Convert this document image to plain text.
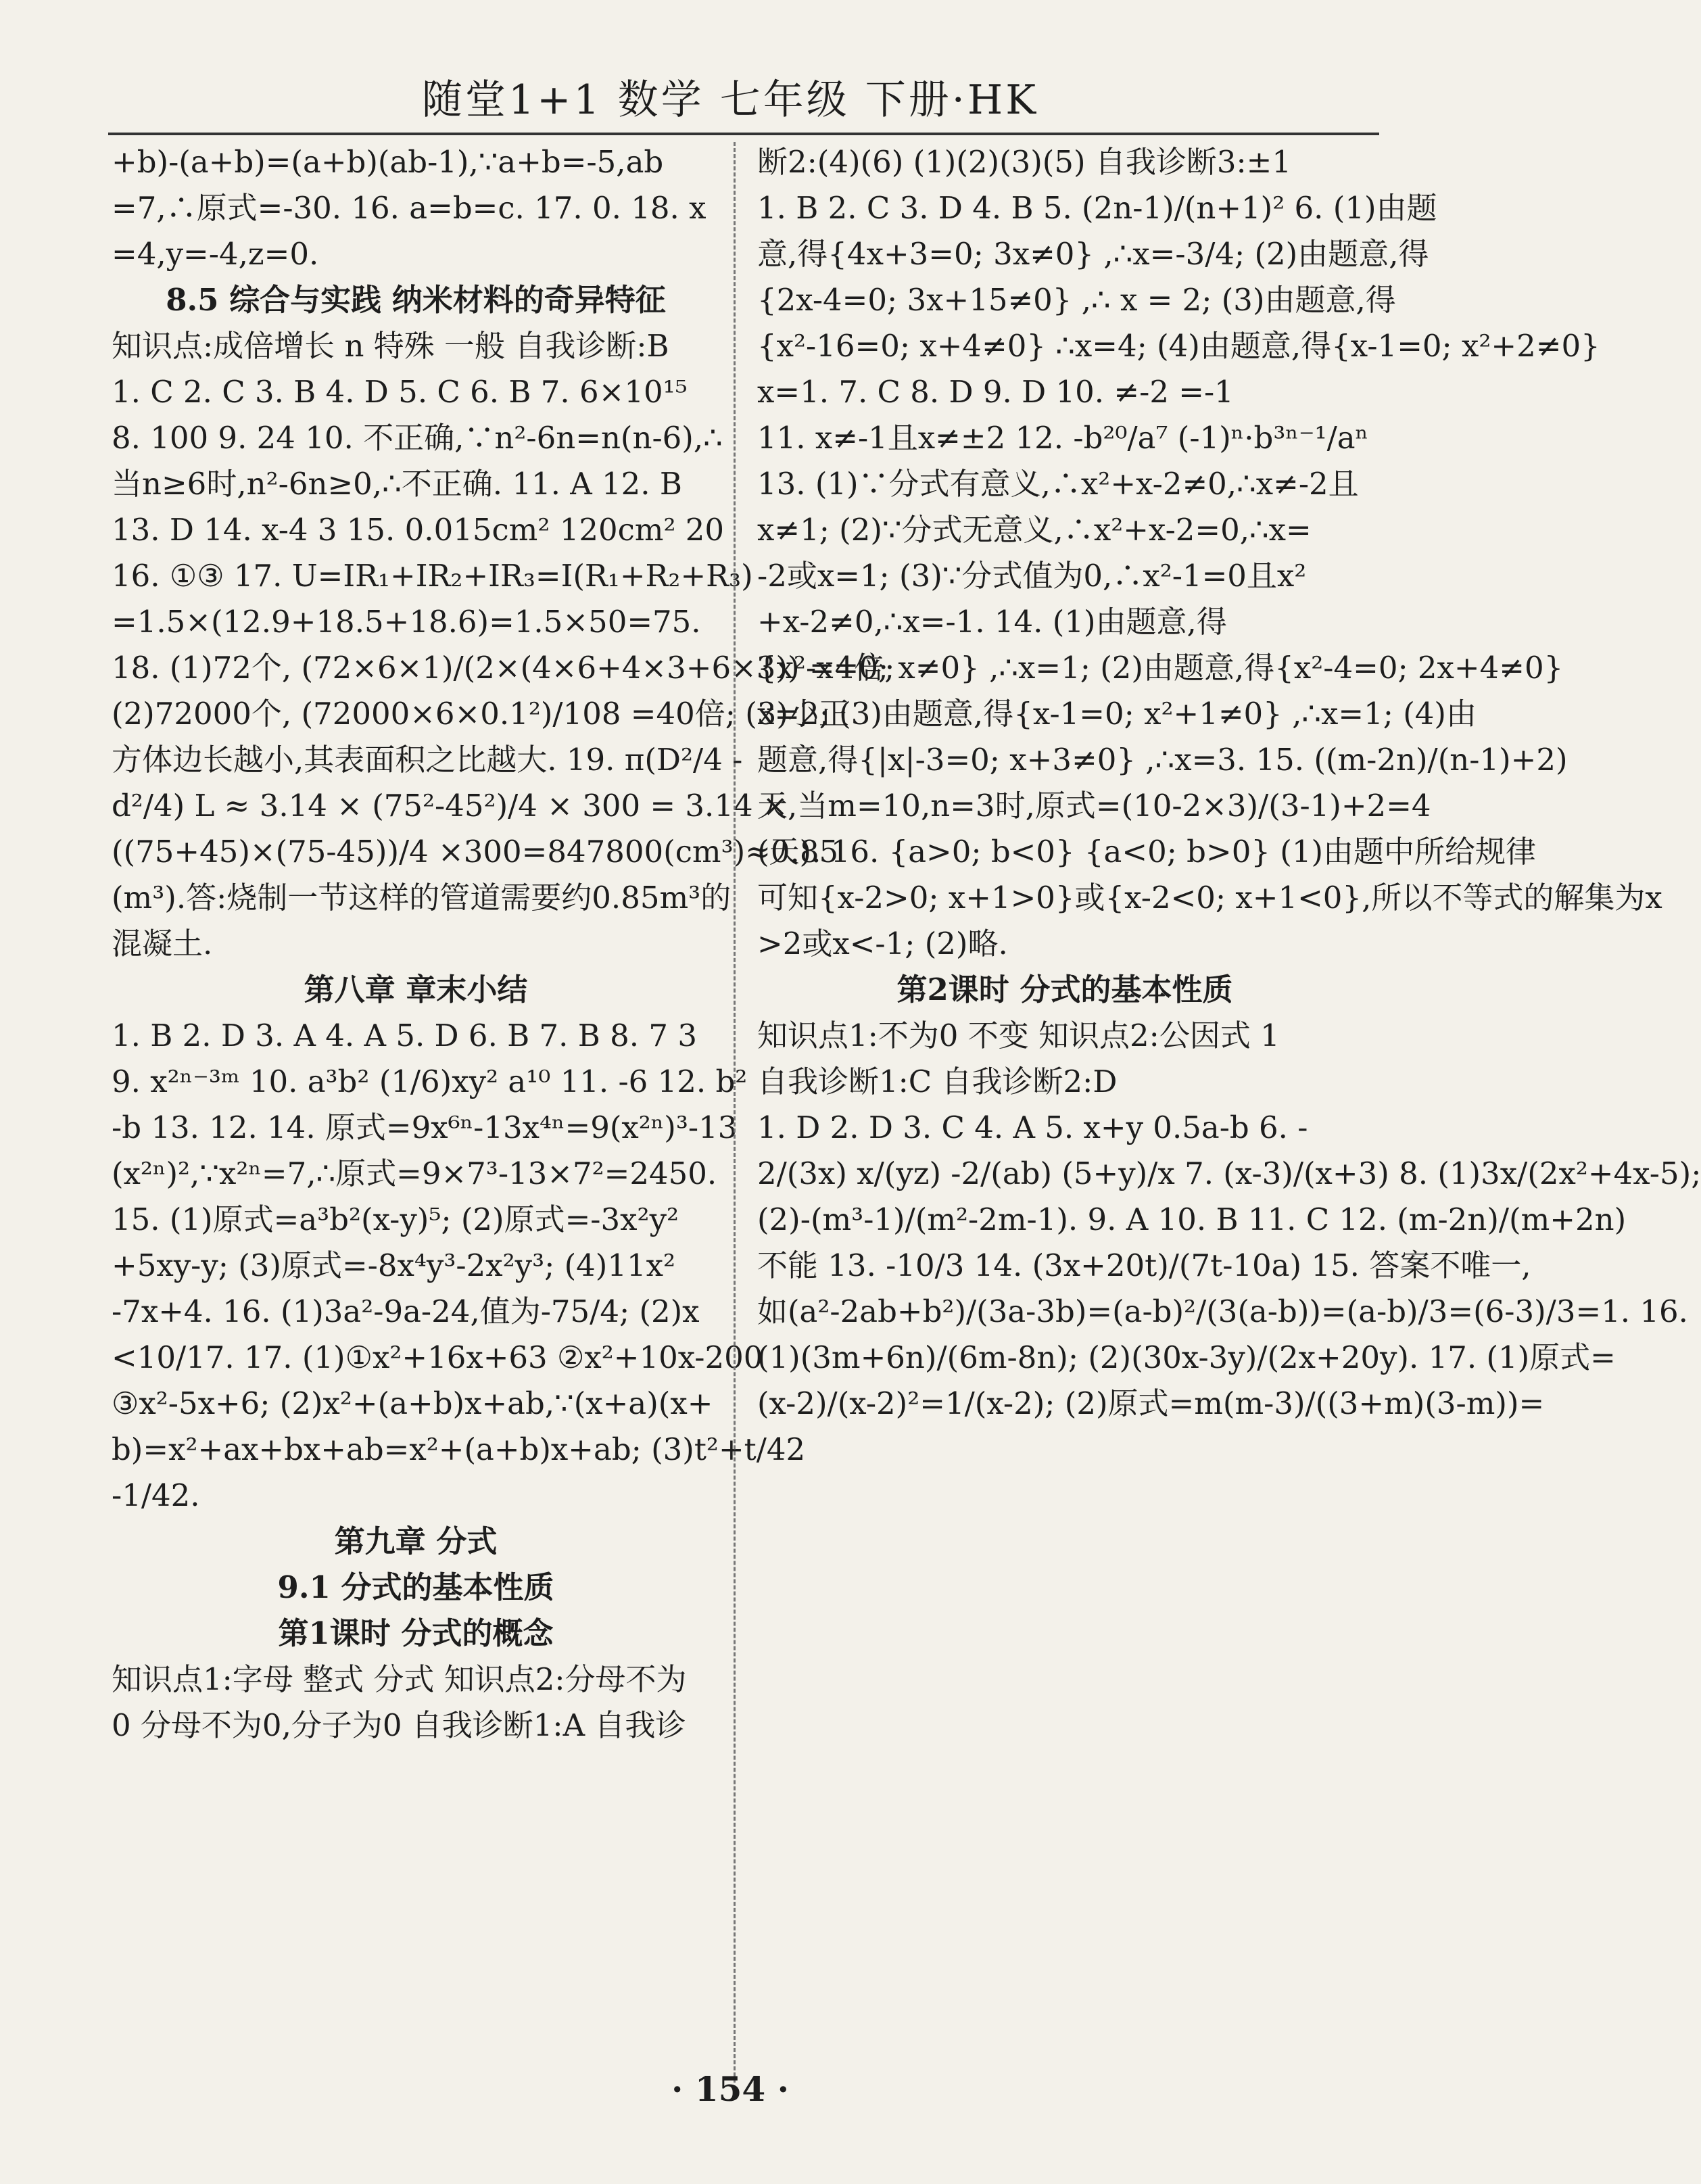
随堂1+1 数学 七年级 下册·HK
+b)-(a+b)=(a+b)(ab-1),∵a+b=-5,ab
=7,∴原式=-30. 16. a=b=c. 17. 0. 18. x
=4,y=-4,z=0.
8.5 综合与实践 纳米材料的奇异特征
知识点:成倍增长 n 特殊 一般 自我诊断:B
1. C 2. C 3. B 4. D 5. C 6. B 7. 6×10¹⁵
8. 100 9. 24 10. 不正确,∵n²-6n=n(n-6),∴
当n≥6时,n²-6n≥0,∴不正确. 11. A 12. B
13. D 14. x-4 3 15. 0.015cm² 120cm² 20
16. ①③ 17. U=IR₁+IR₂+IR₃=I(R₁+R₂+R₃)
=1.5×(12.9+18.5+18.6)=1.5×50=75.
18. (1)72个, (72×6×1)/(2×(4×6+4×3+6×3)) =4倍;
(2)72000个, (72000×6×0.1²)/108 =40倍; (3)小正
方体边长越小,其表面积之比越大. 19. π(D²/4 -
d²/4) L ≈ 3.14 × (75²-45²)/4 × 300 = 3.14 ×
((75+45)×(75-45))/4 ×300=847800(cm³)≈0.85
(m³).答:烧制一节这样的管道需要约0.85m³的
混凝土.
第八章 章末小结
1. B 2. D 3. A 4. A 5. D 6. B 7. B 8. 7 3
9. x²ⁿ⁻³ᵐ 10. a³b² (1/6)xy² a¹⁰ 11. -6 12. b²
-b 13. 12. 14. 原式=9x⁶ⁿ-13x⁴ⁿ=9(x²ⁿ)³-13
(x²ⁿ)²,∵x²ⁿ=7,∴原式=9×7³-13×7²=2450.
15. (1)原式=a³b²(x-y)⁵; (2)原式=-3x²y²
+5xy-y; (3)原式=-8x⁴y³-2x²y³; (4)11x²
-7x+4. 16. (1)3a²-9a-24,值为-75/4; (2)x
<10/17. 17. (1)①x²+16x+63 ②x²+10x-200
③x²-5x+6; (2)x²+(a+b)x+ab,∵(x+a)(x+
b)=x²+ax+bx+ab=x²+(a+b)x+ab; (3)t²+t/42
-1/42.
第九章 分式
9.1 分式的基本性质
第1课时 分式的概念
知识点1:字母 整式 分式 知识点2:分母不为
0 分母不为0,分子为0 自我诊断1:A 自我诊
断2:(4)(6) (1)(2)(3)(5) 自我诊断3:±1
1. B 2. C 3. D 4. B 5. (2n-1)/(n+1)² 6. (1)由题
意,得{4x+3=0; 3x≠0} ,∴x=-3/4; (2)由题意,得
{2x-4=0; 3x+15≠0} ,∴ x = 2; (3)由题意,得
{x²-16=0; x+4≠0} ∴x=4; (4)由题意,得{x-1=0; x²+2≠0}
x=1. 7. C 8. D 9. D 10. ≠-2 =-1
11. x≠-1且x≠±2 12. -b²⁰/a⁷ (-1)ⁿ·b³ⁿ⁻¹/aⁿ
13. (1)∵分式有意义,∴x²+x-2≠0,∴x≠-2且
x≠1; (2)∵分式无意义,∴x²+x-2=0,∴x=
-2或x=1; (3)∵分式值为0,∴x²-1=0且x²
+x-2≠0,∴x=-1. 14. (1)由题意,得
{x²-x=0; x≠0} ,∴x=1; (2)由题意,得{x²-4=0; 2x+4≠0}
x=2; (3)由题意,得{x-1=0; x²+1≠0} ,∴x=1; (4)由
题意,得{|x|-3=0; x+3≠0} ,∴x=3. 15. ((m-2n)/(n-1)+2)
天,当m=10,n=3时,原式=(10-2×3)/(3-1)+2=4
(天). 16. {a>0; b<0} {a<0; b>0} (1)由题中所给规律
可知{x-2>0; x+1>0}或{x-2<0; x+1<0},所以不等式的解集为x
>2或x<-1; (2)略.
第2课时 分式的基本性质
知识点1:不为0 不变 知识点2:公因式 1
自我诊断1:C 自我诊断2:D
1. D 2. D 3. C 4. A 5. x+y 0.5a-b 6. -
2/(3x) x/(yz) -2/(ab) (5+y)/x 7. (x-3)/(x+3) 8. (1)3x/(2x²+4x-5);
(2)-(m³-1)/(m²-2m-1). 9. A 10. B 11. C 12. (m-2n)/(m+2n)
不能 13. -10/3 14. (3x+20t)/(7t-10a) 15. 答案不唯一,
如(a²-2ab+b²)/(3a-3b)=(a-b)²/(3(a-b))=(a-b)/3=(6-3)/3=1. 16.
(1)(3m+6n)/(6m-8n); (2)(30x-3y)/(2x+20y). 17. (1)原式=
(x-2)/(x-2)²=1/(x-2); (2)原式=m(m-3)/((3+m)(3-m))=
· 154 ·
